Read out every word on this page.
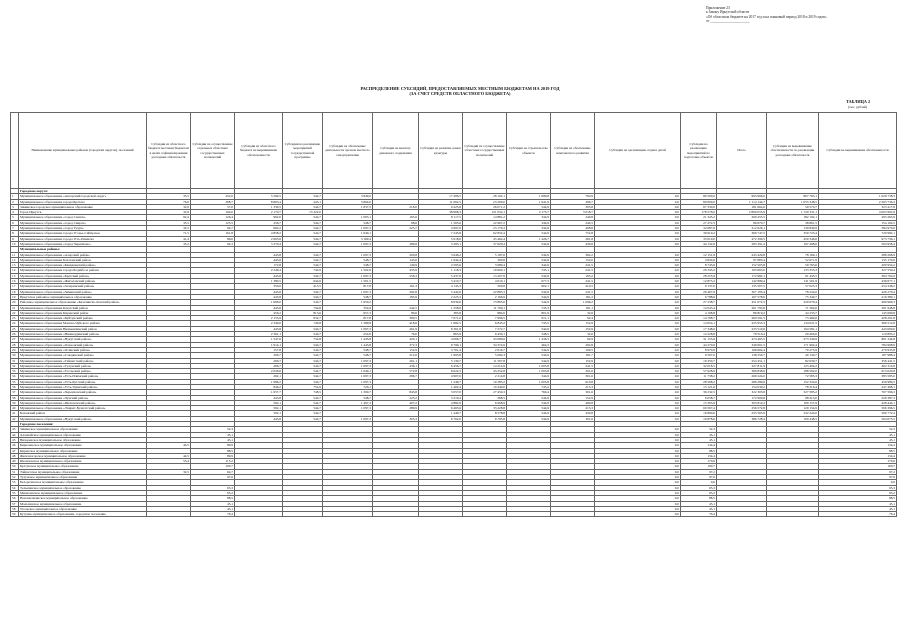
Приложение 23
к Закону Иркутской области
«Об областном бюджете на 2017 год и на плановый период 2018 и 2019 годов»
от ______________________
РАСПРЕДЕЛЕНИЕ СУБСИДИЙ, ПРЕДОСТАВЛЯЕМЫХ МЕСТНЫМ БЮДЖЕТАМ НА 2019 ГОД
(ЗА СЧЕТ СРЕДСТВ ОБЛАСТНОГО БЮДЖЕТА)
ТАБЛИЦА 2
(тыс. рублей)
	Наименование муниципальных районов (городских округов), поселений	Субсидии из областного бюджета местным бюджетам в целях софинансирования расходных обязательств	Субсидии на осуществление отдельных областных государственных полномочий	Субсидии из областного бюджета на выравнивание обеспеченности	Субсидии на реализацию мероприятий государственной программы	Субсидии на обеспечение деятельности органов местного самоуправления	Субсидии на выплату денежного содержания	Субсидии на развитие домов культуры	Субсидии на осуществление областных государственных полномочий	Субсидии на строительство объектов	Субсидии на обеспечение комплексного развития	Субсидии на организацию отдыха детей	Субсидии на реализацию мероприятий по подготовке объектов	Итого	Субсидии на выравнивание обеспеченности по реализации расходных обязательств	Субсидии на выравнивание обеспеченности	
	Городские округа:																
1	Муниципальное образование «Ангарский городской округ»	33,5	452,0	5 569,5	544,7	3 849,0		17 296,5	28 102,1	1 680,8	760,9	0,0	86 509,0	993 966,0	867 763,1	1 929 738,3	
2	Муниципальное образование города Братска	76,0	308,7	8 863,4	445,1	3 894,0		11 092,5	23 209,0	1 941,9	399,7	0,0	80 009,0	1 114 144,7	1 055 348,5	2 263 736,3	
3	Зиминское городское муниципальное образование	32,9	57,0	1 339,5	544,7	1 837,5	218,0	9 425,8	26 071,2	544,9	305,8	0,0	67 330,0	181 662,6	59 570,7	323 417,8	
4	Город Иркутск	32,9	194,0	2 170,7	15 322,0			38 998,3	121 052,1	2 173,7	3 018,7	0,0	178 576,0	2 806 053,9	1 720 331,1	4 603 902,9	
5	Муниципальное образование «город Саянск»	92,4	126,4	992,0	544,7	1 063,1	165,6	8 117,5	14 881,2	344,9	240,8	0,0	21 345,2	269 455,5	182 192,1	293 265,9	
6	Муниципальное образование «город Свирск»	33,5	125,5	256,7	544,7	548,7	68,6	1 563,6	22 967,2	344,9	244,5	0,0	27 272,5	86 670,7	38 861,5	154 104,5	
7	Муниципальное образование «город Тулун»	32,5	64,7	692,2	544,7	1 097,3	225,7	4 997,0	23 179,3	344,9	408,8	0,0	32 687,6	212 626,1	139 840,9	384 970,0	
8	Муниципальное образование города Усолье-Сибирское	71,5	161,8	4 858,2	544,7	1 640,1		7 245,8	62 832,4	544,9	752,8	0,0	39 619,2	366 747,5	359 723,4	720 982,1	
9	Муниципальное образование города Усть-Илимска	41,4	86,0	2 605,6	544,7	3 169,4		5 018,0	45 464,4	1 426,7	281,8	0,0	35 019,0	472 390,5	459 346,6	973 736,1	
10	Муниципальное образование «город Черемхово»	33,2	64,3	3 370,4	544,7	1 097,3	286,8	3 295,1	37 620,4	544,9	430,8	0,0	44 132,6	283 391,4	197 468,6	504 958,4	
	Муниципальные районы:																
11	Муниципальное образование «Аларский район»			443,8	544,7	1 097,3	200,8	3 646,2	5 187,6	544,9	362,2	0,0	12 151,9	243 429,8	78 166,1	288 268,9	
12	Муниципальное образование Балаганский район			443,8	544,7	548,7	143,6	1 944,4	300,8	544,9	152,0	0,0	4 824,6	97 683,4	52 671,9	135 179,9	
13	Муниципальное образование «Баяндаевский район»			172,8	544,7	548,7	149,9	2 595,6	3 989,4	344,9	241,5	0,0	8 743,6	152 503,8	50 763,6	200 954,2	
14	Муниципальное образование города Бодайбо и района			2 249,4	744,9	1 502,9	433,9	1 118,3	19 600,1	745,1	241,5	0,0	26 345,2	193 663,0	133 353,3	327 559,4	
15	Муниципальное образование «Братский район»			443,8	544,7	1 097,3	256,3	5 437,9	13 207,9	544,9	193,2	0,0	28 255,9	172 982,1	91 445,5	364 704,9	
16	Муниципальное образование «Жигаловский район»			1 380,5	644,6	1 501,5		3 410,7	4 610,1	677,3	241,5	0,0	12 873,2	142 989,4	141 501,9	439 677,1	
17	Муниципальное образование «Заларинский район»			350,6	413,5	817,8	161,3	4 145,3	500,8	602,1	410,5	0,0	9 137,0	135 507,5	57 025,3	254 348,2	
18	Муниципальное образование «Зиминский район»			443,8	544,7	1 097,3	292,8	5 442,6	22 883,3	544,9	241,5	0,0	29 467,9	307 195,4	78 234,6	429 279,4	
19	Иркутское районное муниципальное образование			443,8	544,7	548,7	183,9	2 225,3	2 166,9	544,9	181,2	0,0	6 788,6	167 578,0	75 340,7	219 380,1	
20	Районное муниципальное образование «Казачинско-Ленский район»			1 666,0	544,7	1 650,2		8 639,6	13 893,6	544,9	1 096,2	0,0	27 238,7	451 672,5	220 679,4	499 969,3	
21	Муниципальное образование Качугский район			443,8	744,8	354,9	244,5	1 258,6	11 709,1	745,3	181,1	0,0	14 043,4	201 793,6	71 564,6	291 948,8	
22	Муниципальное образование Киренский район			456,2	813,6	657,3	80,6	385,8	884,0	801,9	32,6	0,0	4 108,8	86 819,2	44 233,7	145 699,8	
23	Муниципальное образование «Куйтунский район»			2 155,9	632,7	817,8	369,5	7 671,0	7 996,5	611,1	92,4	0,0	14 798,7	260 591,5	73 469,6	428 291,8	
24	Муниципальное образование Мамско-Чуйского района			2 349,0	749,8	1 589,8	418,6	1 682,5	6 843,2	745,5	152,9	0,0	14 654,1	225 953,3	134 021,5	369 512,8	
25	Муниципальное образование Нижнеилимский район			443,8	544,7	1 097,3	261,9	6 361,8	7 272,7	544,9	152,9	0,0	17 348,6	233 510,9	194 581,1	443 000,6	
26	Муниципальное образование «Нижнеудинский район»			2 361,1	544,7	254,9	76,0	863,9	9 459,1	348,5	32,6	0,0	14 228,8	79 516,4	29 406,6	110 895,2	
27	Муниципальное образование «Нукутский район»			1 547,6	734,8	1 443,8	420,1	4 066,7	43 089,6	1 436,5	92,9	0,0	31 155,6	474 463,5	273 349,9	801 344,8	
28	Муниципальное образование «Ольхонский район»			1 914,1	544,7	1 443,8	372,3	9 799,1	34 374,9	464,3	292,8	0,0	44 270,9	349 601,5	171 964,4	784 998,9	
29	Муниципальное образование «Осинский район»			157,8	544,7	548,7	152,9	3 701,4	2 616,7	544,9	109,5	0,0	8 979,9	166 664,4	79 275,9	270 933,8	
30	Муниципальное образование «Слюдянский район»			206,7	544,7	548,7	212,0	1 995,8	5 694,3	544,9	181,7	0,0	9 507,0	138 350,7	40 130,7	187 988,4	
31	Муниципальное образование «Тайшетский район»			206,7	544,7	1 097,3	261,1	5 139,7	11 597,8	544,9	152,9	0,0	19 350,7	254 451,1	82 639,7	356 441,5	
32	Муниципальное образование «Тулунский район»			206,7	544,7	1 097,3	436,1	6 456,7	14 214,9	1 005,8	241,5	0,0	32 018,5	227 811,9	123 404,2	402 314,8	
33	Муниципальное образование «Усольский район»			2 026,6	544,7	1 649,1	572,8	6 622,5	43 252,8	1 005,8	301,6	0,0	57 628,9	366 838,9	188 562,0	613 029,8	
34	Муниципальное образование «Усть-Илимский район»			292,1	544,7	1 097,3	286,7	4 907,6	2 214,8	344,9	301,6	0,0	11 738,2	269 224,0	72 585,3	383 585,0	
35	Муниципальное образование «Усть-Кутский район»			1 986,2	544,7	1 097,3		1 249,7	19 383,2	1 005,8	610,8	0,0	28 568,2	286 289,6	152 324,6	459 989,5	
36	Муниципальное образование «Усть-Удинский район»			846,2	754,9	720,1		1 402,4	10 440,0	745,2	213,3	0,0	15 121,6	154 030,2	78 316,4	247 468,1	
37	Муниципальное образование «Черемховский район»			1 657,7	748,5	1 309,7	843,8	3 057,0	27 450,3	760,4	301,6	0,0	36 232,5	322 303,8	327 585,2	767 596,3	
38	Муниципальное образование «Чунский район»			443,8	544,7	548,7	223,2	3 219,4	368,5	544,9	152,9	0,0	6 058,7	172 909,8	98 413,0	229 387,3	
39	Муниципальное образование «Шелеховский район»			592,1	544,7	1 497,3	407,2	4 882,9	6 968,9	544,9	490,8	0,0	15 303,9	303 814,2	109 157,9	428 444,1	
40	Муниципальное образование «Эхирит-Булагатский район»			592,1	544,7	1 097,3	289,9	6 463,6	33 228,8	544,9	213,3	0,0	60 567,4	256 572,8	129 154,9	506 396,5	
41	Боханский район			592,1	544,7			1 449,7	8 578,8	544,9	430,8	0,0	16 890,6	235 565,9	232 224,0	590 772,4	
42	Муниципальное образование «Нукутский район»			443,8	544,7	1 097,3	303,3	6 762,0	6 795,8	544,9	301,6	0,0	16 878,6	386 728,4	109 448,5	504 075,5	
	Городские поселения:																
43	Зиминское муниципальное образование		52,3									0,0	52,3			52,3	
44	Алзамайское муниципальное образование		45,1									0,0	45,1			45,1	
45	Вихоревское муниципальное образование		45,1									0,0	45,1			45,1	
46	Бирюсинское муниципальное образование	44,5	89,9									0,0	134,4			134,4	
47	Киренское муниципальное образование		88,5									0,0	88,5			88,5	
48	Железногорское муниципальное образование	44,5	89,9									0,0	134,4			134,4	
49	Шелеховское муниципальное образование	55,4	115,2									0,0	170,6			170,6	
50	Култукское муниципальное образование		109,7									0,0	109,7			109,7	
51	Тайшетское муниципальное образование	32,5	64,7									0,0	97,2			97,2	
52	Тулунское муниципальное образование		97,6									0,0	97,6			97,6	
53	Белореченское муниципальное образование											0,0	0,6			0,6	
54	Тельминское муниципальное образование		65,3									0,0	65,3			65,3	
55	Мишелевское муниципальное образование		65,2									0,0	65,2			65,2	
56	Новомальтинское муниципальное образование		88,5									0,0	88,5			88,5	
57	Мальтинское муниципальное образование		45,1									0,0	45,1			45,1	
58	Усольское муниципальное образование		45,1									0,0	45,1			45,1	
59	Кутулик муниципальное образование, городское поселение		76,4									0,0	76,4			76,4	
